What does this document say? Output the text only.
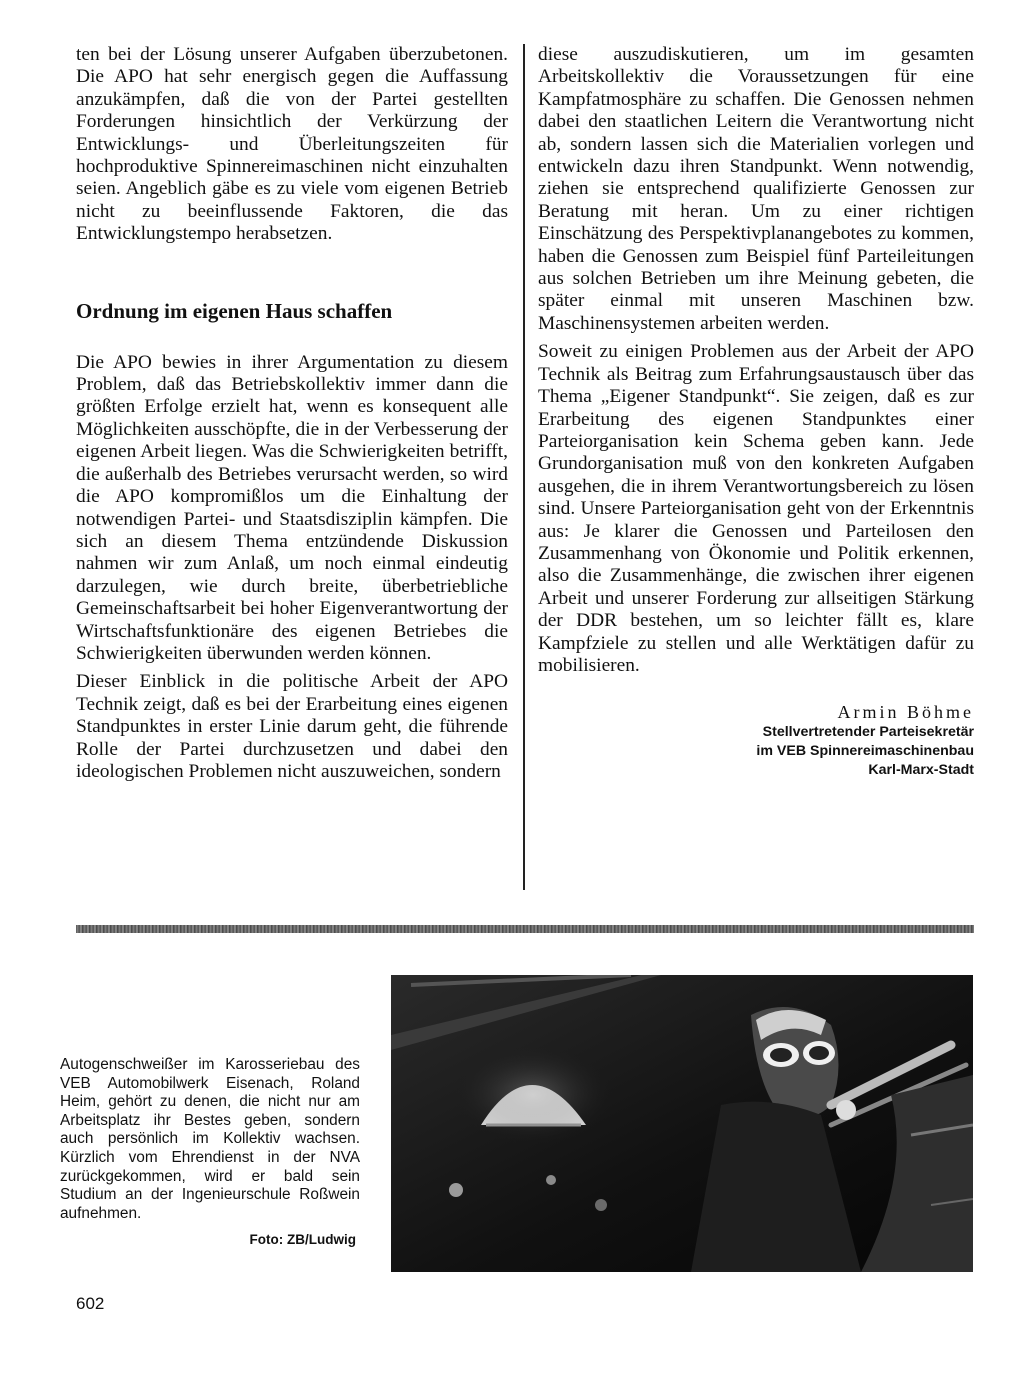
ten bei der Lösung unserer Aufgaben überzubetonen. Die APO hat sehr energisch gegen die Auffassung anzukämpfen, daß die von der Partei gestellten Forderungen hinsichtlich der Verkürzung der Entwicklungs- und Überleitungszeiten für hochproduktive Spinnereimaschinen nicht einzuhalten seien. Angeblich gäbe es zu viele vom eigenen Betrieb nicht zu beeinflussende Faktoren, die das Entwicklungstempo herabsetzen.

Ordnung im eigenen Haus schaffen

Die APO bewies in ihrer Argumentation zu diesem Problem, daß das Betriebskollektiv immer dann die größten Erfolge erzielt hat, wenn es konsequent alle Möglichkeiten ausschöpfte, die in der Verbesserung der eigenen Arbeit liegen. Was die Schwierigkeiten betrifft, die außerhalb des Betriebes verursacht werden, so wird die APO kompromißlos um die Einhaltung der notwendigen Partei- und Staatsdisziplin kämpfen. Die sich an diesem Thema entzündende Diskussion nahmen wir zum Anlaß, um noch einmal eindeutig darzulegen, wie durch breite, überbetriebliche Gemeinschaftsarbeit bei hoher Eigenverantwortung der Wirtschaftsfunktionäre des eigenen Betriebes die Schwierigkeiten überwunden werden können.

Dieser Einblick in die politische Arbeit der APO Technik zeigt, daß es bei der Erarbeitung eines eigenen Standpunktes in erster Linie darum geht, die führende Rolle der Partei durchzusetzen und dabei den ideologischen Problemen nicht auszuweichen, sondern

diese auszudiskutieren, um im gesamten Arbeitskollektiv die Voraussetzungen für eine Kampfatmosphäre zu schaffen. Die Genossen nehmen dabei den staatlichen Leitern die Verantwortung nicht ab, sondern lassen sich die Materialien vorlegen und entwickeln dazu ihren Standpunkt. Wenn notwendig, ziehen sie entsprechend qualifizierte Genossen zur Beratung mit heran. Um zu einer richtigen Einschätzung des Perspektivplanangebotes zu kommen, haben die Genossen zum Beispiel fünf Parteileitungen aus solchen Betrieben um ihre Meinung gebeten, die später einmal mit unseren Maschinen bzw. Maschinensystemen arbeiten werden.

Soweit zu einigen Problemen aus der Arbeit der APO Technik als Beitrag zum Erfahrungsaustausch über das Thema „Eigener Standpunkt“. Sie zeigen, daß es zur Erarbeitung des eigenen Standpunktes einer Parteiorganisation kein Schema geben kann. Jede Grundorganisation muß von den konkreten Aufgaben ausgehen, die in ihrem Verantwortungsbereich zu lösen sind. Unsere Parteiorganisation geht von der Erkenntnis aus: Je klarer die Genossen und Parteilosen den Zusammenhang von Ökonomie und Politik erkennen, also die Zusammenhänge, die zwischen ihrer eigenen Arbeit und unserer Forderung zur allseitigen Stärkung der DDR bestehen, um so leichter fällt es, klare Kampfziele zu stellen und alle Werktätigen dafür zu mobilisieren.

Armin Böhme
Stellvertretender Parteisekretär im VEB Spinnereimaschinenbau Karl-Marx-Stadt
Autogenschweißer im Karosseriebau des VEB Automobilwerk Eisenach, Roland Heim, gehört zu denen, die nicht nur am Arbeitsplatz ihr Bestes geben, sondern auch persönlich im Kollektiv wachsen. Kürzlich vom Ehrendienst in der NVA zurückgekommen, wird er bald sein Studium an der Ingenieurschule Roßwein aufnehmen.
Foto: ZB/Ludwig
602
